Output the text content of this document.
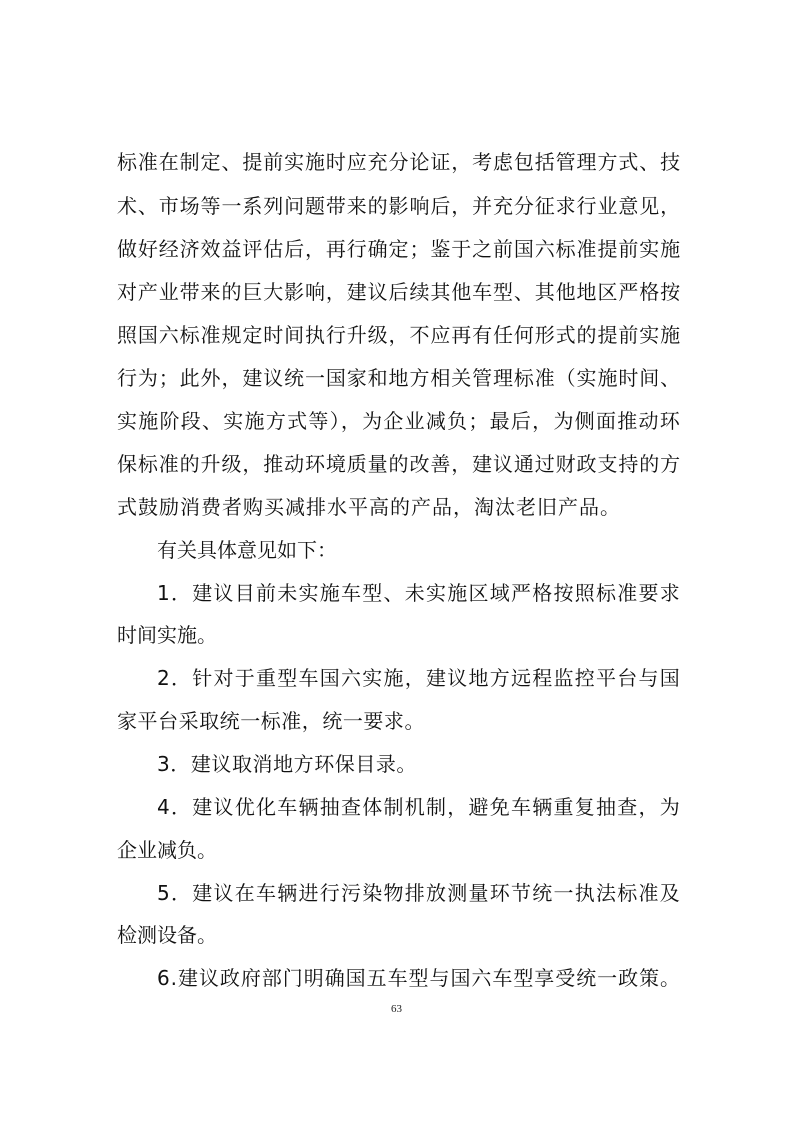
标准在制定、提前实施时应充分论证，考虑包括管理方式、技
术、市场等一系列问题带来的影响后，并充分征求行业意见，
做好经济效益评估后，再行确定；鉴于之前国六标准提前实施
对产业带来的巨大影响，建议后续其他车型、其他地区严格按
照国六标准规定时间执行升级，不应再有任何形式的提前实施
行为；此外，建议统一国家和地方相关管理标准（实施时间、
实施阶段、实施方式等），为企业减负；最后，为侧面推动环
保标准的升级，推动环境质量的改善，建议通过财政支持的方
式鼓励消费者购买减排水平高的产品，淘汰老旧产品。
有关具体意见如下：
1．建议目前未实施车型、未实施区域严格按照标准要求
时间实施。
2．针对于重型车国六实施，建议地方远程监控平台与国
家平台采取统一标准，统一要求。
3．建议取消地方环保目录。
4．建议优化车辆抽查体制机制，避免车辆重复抽查，为
企业减负。
5．建议在车辆进行污染物排放测量环节统一执法标准及
检测设备。
6.建议政府部门明确国五车型与国六车型享受统一政策。
63
